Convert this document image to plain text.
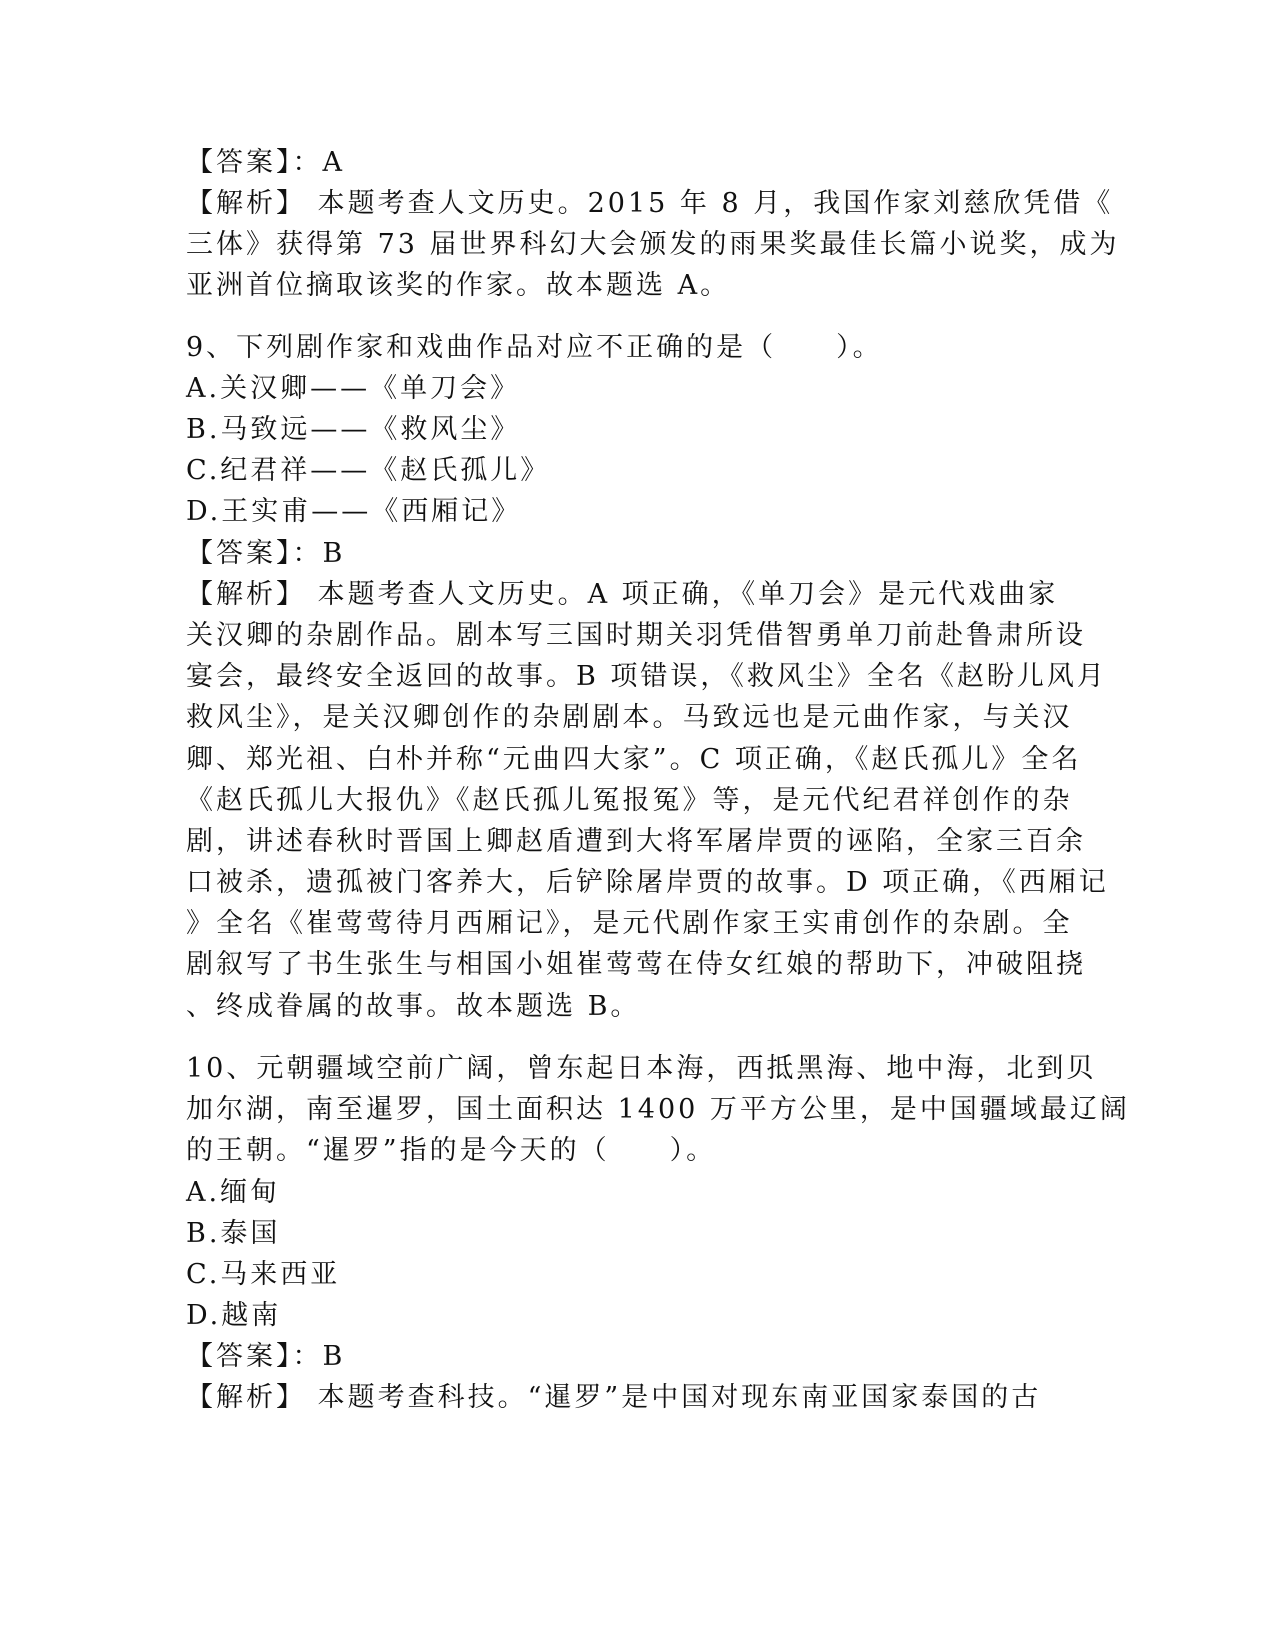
【答案】：A
【解析】 本题考查人文历史。2015 年 8 月，我国作家刘慈欣凭借《
三体》获得第 73 届世界科幻大会颁发的雨果奖最佳长篇小说奖，成为
亚洲首位摘取该奖的作家。故本题选 A。
9、下列剧作家和戏曲作品对应不正确的是（　　）。
A.关汉卿——《单刀会》
B.马致远——《救风尘》
C.纪君祥——《赵氏孤儿》
D.王实甫——《西厢记》
【答案】：B
【解析】 本题考查人文历史。A 项正确，《单刀会》是元代戏曲家
关汉卿的杂剧作品。剧本写三国时期关羽凭借智勇单刀前赴鲁肃所设
宴会，最终安全返回的故事。B 项错误，《救风尘》全名《赵盼儿风月
救风尘》，是关汉卿创作的杂剧剧本。马致远也是元曲作家，与关汉
卿、郑光祖、白朴并称“元曲四大家”。C 项正确，《赵氏孤儿》全名
《赵氏孤儿大报仇》《赵氏孤儿冤报冤》等，是元代纪君祥创作的杂
剧，讲述春秋时晋国上卿赵盾遭到大将军屠岸贾的诬陷，全家三百余
口被杀，遗孤被门客养大，后铲除屠岸贾的故事。D 项正确，《西厢记
》全名《崔莺莺待月西厢记》，是元代剧作家王实甫创作的杂剧。全
剧叙写了书生张生与相国小姐崔莺莺在侍女红娘的帮助下，冲破阻挠
、终成眷属的故事。故本题选 B。
10、元朝疆域空前广阔，曾东起日本海，西抵黑海、地中海，北到贝
加尔湖，南至暹罗，国土面积达 1400 万平方公里，是中国疆域最辽阔
的王朝。“暹罗”指的是今天的（　　）。
A.缅甸
B.泰国
C.马来西亚
D.越南
【答案】：B
【解析】 本题考查科技。“暹罗”是中国对现东南亚国家泰国的古
